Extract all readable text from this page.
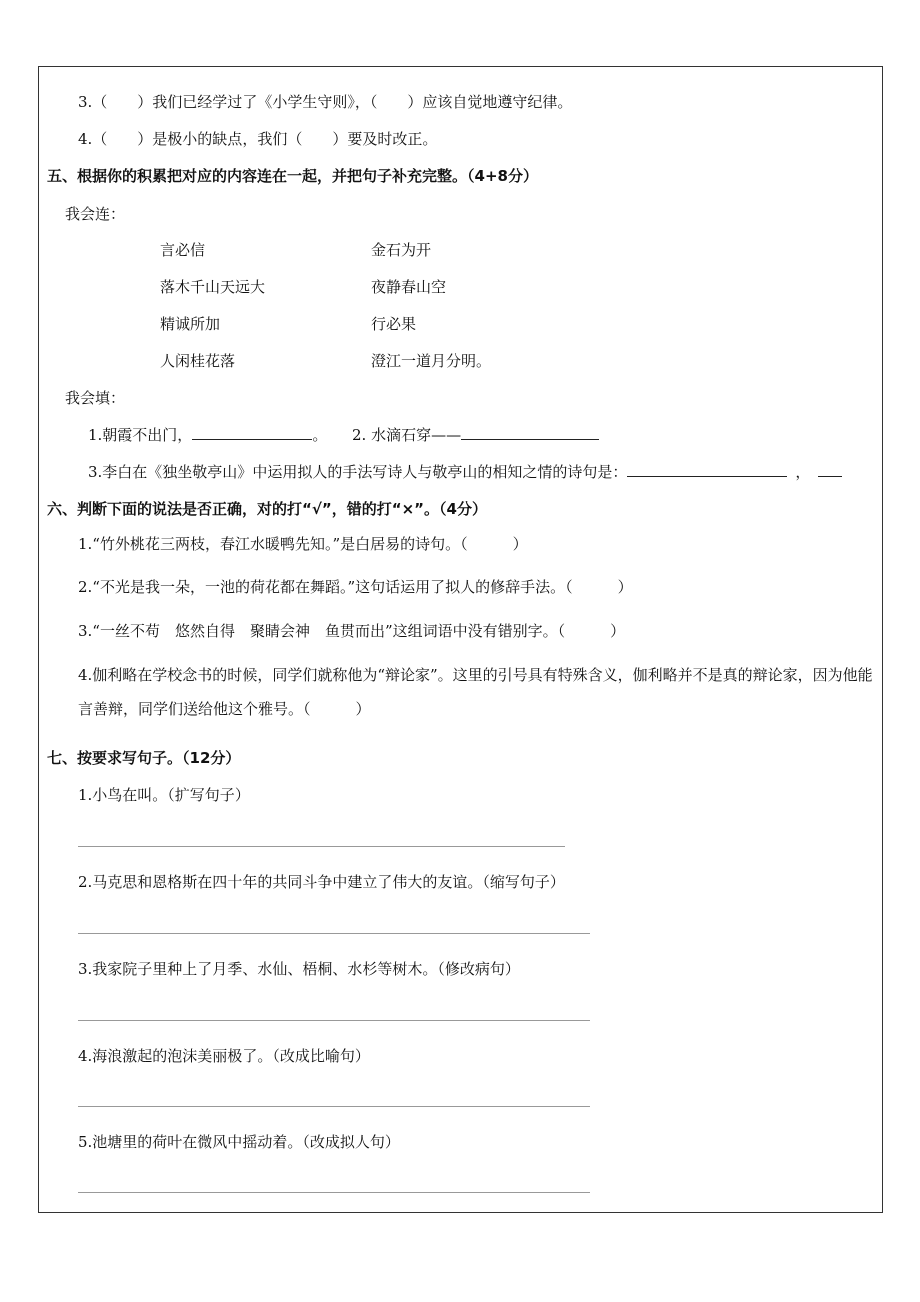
3.（　　）我们已经学过了《小学生守则》，（　　）应该自觉地遵守纪律。
4.（　　）是极小的缺点，我们（　　）要及时改正。
五、根据你的积累把对应的内容连在一起，并把句子补充完整。（4+8分）
我会连：
言必信
落木千山天远大
精诚所加
人闲桂花落
金石为开
夜静春山空
行必果
澄江一道月分明。
我会填：
1.朝霞不出门，	。 2. 水滴石穿——
3.李白在《独坐敬亭山》中运用拟人的手法写诗人与敬亭山的相知之情的诗句是：	，
六、判断下面的说法是否正确，对的打“√”，错的打“×”。（4分）
1.“竹外桃花三两枝，春江水暖鸭先知。”是白居易的诗句。（　　　）
2.“不光是我一朵，一池的荷花都在舞蹈。”这句话运用了拟人的修辞手法。（　　　）
3.“一丝不苟　悠然自得　聚睛会神　鱼贯而出”这组词语中没有错别字。（　　　）
4.伽利略在学校念书的时候，同学们就称他为“辩论家”。这里的引号具有特殊含义，伽利略并不是真的辩论家，因为他能言善辩，同学们送给他这个雅号。（　　　）
七、按要求写句子。（12分）
1.小鸟在叫。（扩写句子）
2.马克思和恩格斯在四十年的共同斗争中建立了伟大的友谊。（缩写句子）
3.我家院子里种上了月季、水仙、梧桐、水杉等树木。（修改病句）
4.海浪激起的泡沫美丽极了。（改成比喻句）
5.池塘里的荷叶在微风中摇动着。（改成拟人句）
